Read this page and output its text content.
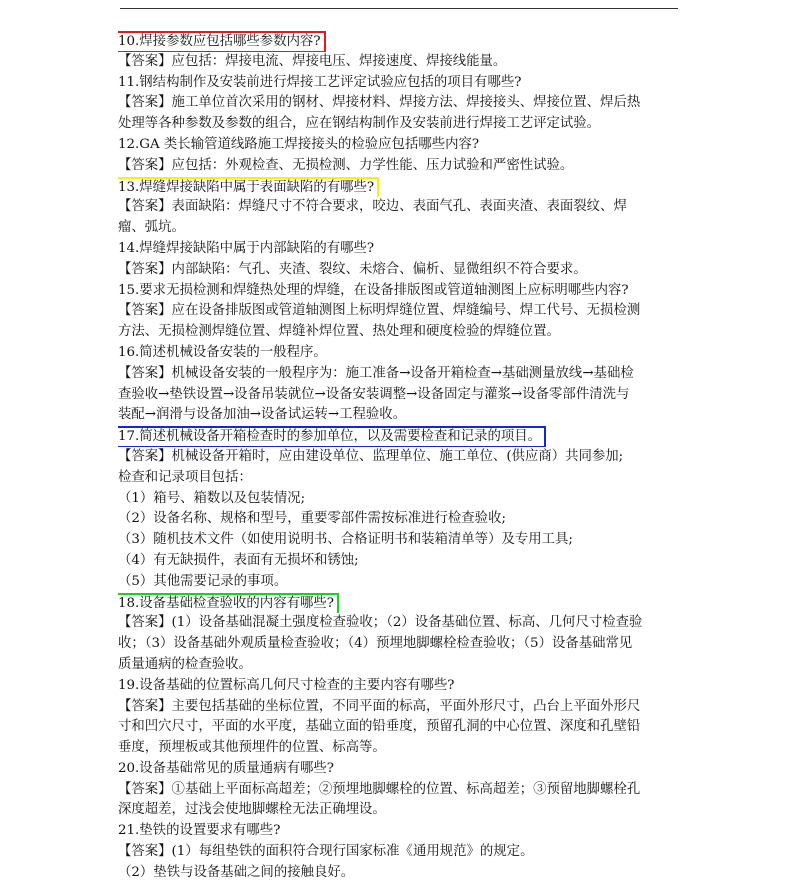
10.焊接参数应包括哪些参数内容?
【答案】应包括：焊接电流、焊接电压、焊接速度、焊接线能量。
11.钢结构制作及安装前进行焊接工艺评定试验应包括的项目有哪些?
【答案】施工单位首次采用的钢材、焊接材料、焊接方法、焊接接头、焊接位置、焊后热
处理等各种参数及参数的组合，应在钢结构制作及安装前进行焊接工艺评定试验。
12.GA 类长输管道线路施工焊接接头的检验应包括哪些内容?
【答案】应包括：外观检查、无损检测、力学性能、压力试验和严密性试验。
13.焊缝焊接缺陷中属于表面缺陷的有哪些?
【答案】表面缺陷：焊缝尺寸不符合要求，咬边、表面气孔、表面夹渣、表面裂纹、焊
瘤、弧坑。
14.焊缝焊接缺陷中属于内部缺陷的有哪些?
【答案】内部缺陷：气孔、夹渣、裂纹、未熔合、偏析、显微组织不符合要求。
15.要求无损检测和焊缝热处理的焊缝，在设备排版图或管道轴测图上应标明哪些内容?
【答案】应在设备排版图或管道轴测图上标明焊缝位置、焊缝编号、焊工代号、无损检测
方法、无损检测焊缝位置、焊缝补焊位置、热处理和硬度检验的焊缝位置。
16.简述机械设备安装的一般程序。
【答案】机械设备安装的一般程序为：施工准备→设备开箱检查→基础测量放线→基础检
查验收→垫铁设置→设备吊装就位→设备安装调整→设备固定与灌浆→设备零部件清洗与
装配→润滑与设备加油→设备试运转→工程验收。
17.简述机械设备开箱检查时的参加单位，以及需要检查和记录的项目。
【答案】机械设备开箱时，应由建设单位、监理单位、施工单位、(供应商）共同参加;
检查和记录项目包括：
（1）箱号、箱数以及包装情况;
（2）设备名称、规格和型号，重要零部件需按标准进行检查验收;
（3）随机技术文件（如使用说明书、合格证明书和装箱清单等）及专用工具;
（4）有无缺损件，表面有无损坏和锈蚀;
（5）其他需要记录的事项。
18.设备基础检查验收的内容有哪些?
【答案】(1）设备基础混凝土强度检查验收；（2）设备基础位置、标高、几何尺寸检查验
收；（3）设备基础外观质量检查验收；（4）预埋地脚螺栓检查验收；（5）设备基础常见
质量通病的检查验收。
19.设备基础的位置标高几何尺寸检查的主要内容有哪些?
【答案】主要包括基础的坐标位置，不同平面的标高，平面外形尺寸，凸台上平面外形尺
寸和凹穴尺寸，平面的水平度，基础立面的铅垂度，预留孔洞的中心位置、深度和孔壁铅
垂度，预埋板或其他预埋件的位置、标高等。
20.设备基础常见的质量通病有哪些?
【答案】①基础上平面标高超差；②预埋地脚螺栓的位置、标高超差；③预留地脚螺栓孔
深度超差，过浅会使地脚螺栓无法正确埋设。
21.垫铁的设置要求有哪些?
【答案】(1）每组垫铁的面积符合现行国家标准《通用规范》的规定。
（2）垫铁与设备基础之间的接触良好。
